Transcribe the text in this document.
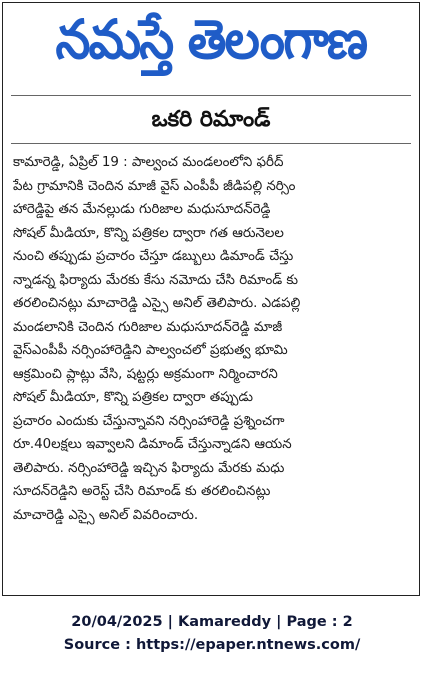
నమస్తే తెలంగాణ
ఒకరి రిమాండ్
కామారెడ్డి, ఏప్రిల్ 19 : పాల్వంచ మండలంలోని ఫరీద్
పేట గ్రామానికి చెందిన మాజీ వైస్ ఎంపీపీ జీడిపల్లి నర్సిం
హారెడ్డిపై తన మేనల్లుడు గురిజాల మధుసూదన్‌రెడ్డి
సోషల్ మీడియా, కొన్ని పత్రికల ద్వారా గత ఆరునెలల
నుంచి తప్పుడు ప్రచారం చేస్తూ డబ్బులు డిమాండ్ చేస్తు
న్నాడన్న ఫిర్యాదు మేరకు కేసు నమోదు చేసి రిమాండ్ కు
తరలించినట్లు మాచారెడ్డి ఎస్సై అనిల్ తెలిపారు. ఎడపల్లి
మండలానికి చెందిన గురిజాల మధుసూదన్‌రెడ్డి మాజీ
వైస్‌ఎంపీపీ నర్సింహారెడ్డిని పాల్వంచలో ప్రభుత్వ భూమి
ఆక్రమించి ప్లాట్లు వేసి, షట్టర్లు అక్రమంగా నిర్మించారని
సోషల్ మీడియా, కొన్ని పత్రికల ద్వారా తప్పుడు
ప్రచారం ఎందుకు చేస్తున్నావని నర్సింహారెడ్డి ప్రశ్నించగా
రూ.40లక్షలు ఇవ్వాలని డిమాండ్ చేస్తున్నాడని ఆయన
తెలిపారు. నర్సింహారెడ్డి ఇచ్చిన ఫిర్యాదు మేరకు మధు
సూదన్‌రెడ్డిని అరెస్ట్ చేసి రిమాండ్ కు తరలించినట్లు
మాచారెడ్డి ఎస్సై అనిల్ వివరించారు.
20/04/2025 | Kamareddy | Page : 2
Source : https://epaper.ntnews.com/
